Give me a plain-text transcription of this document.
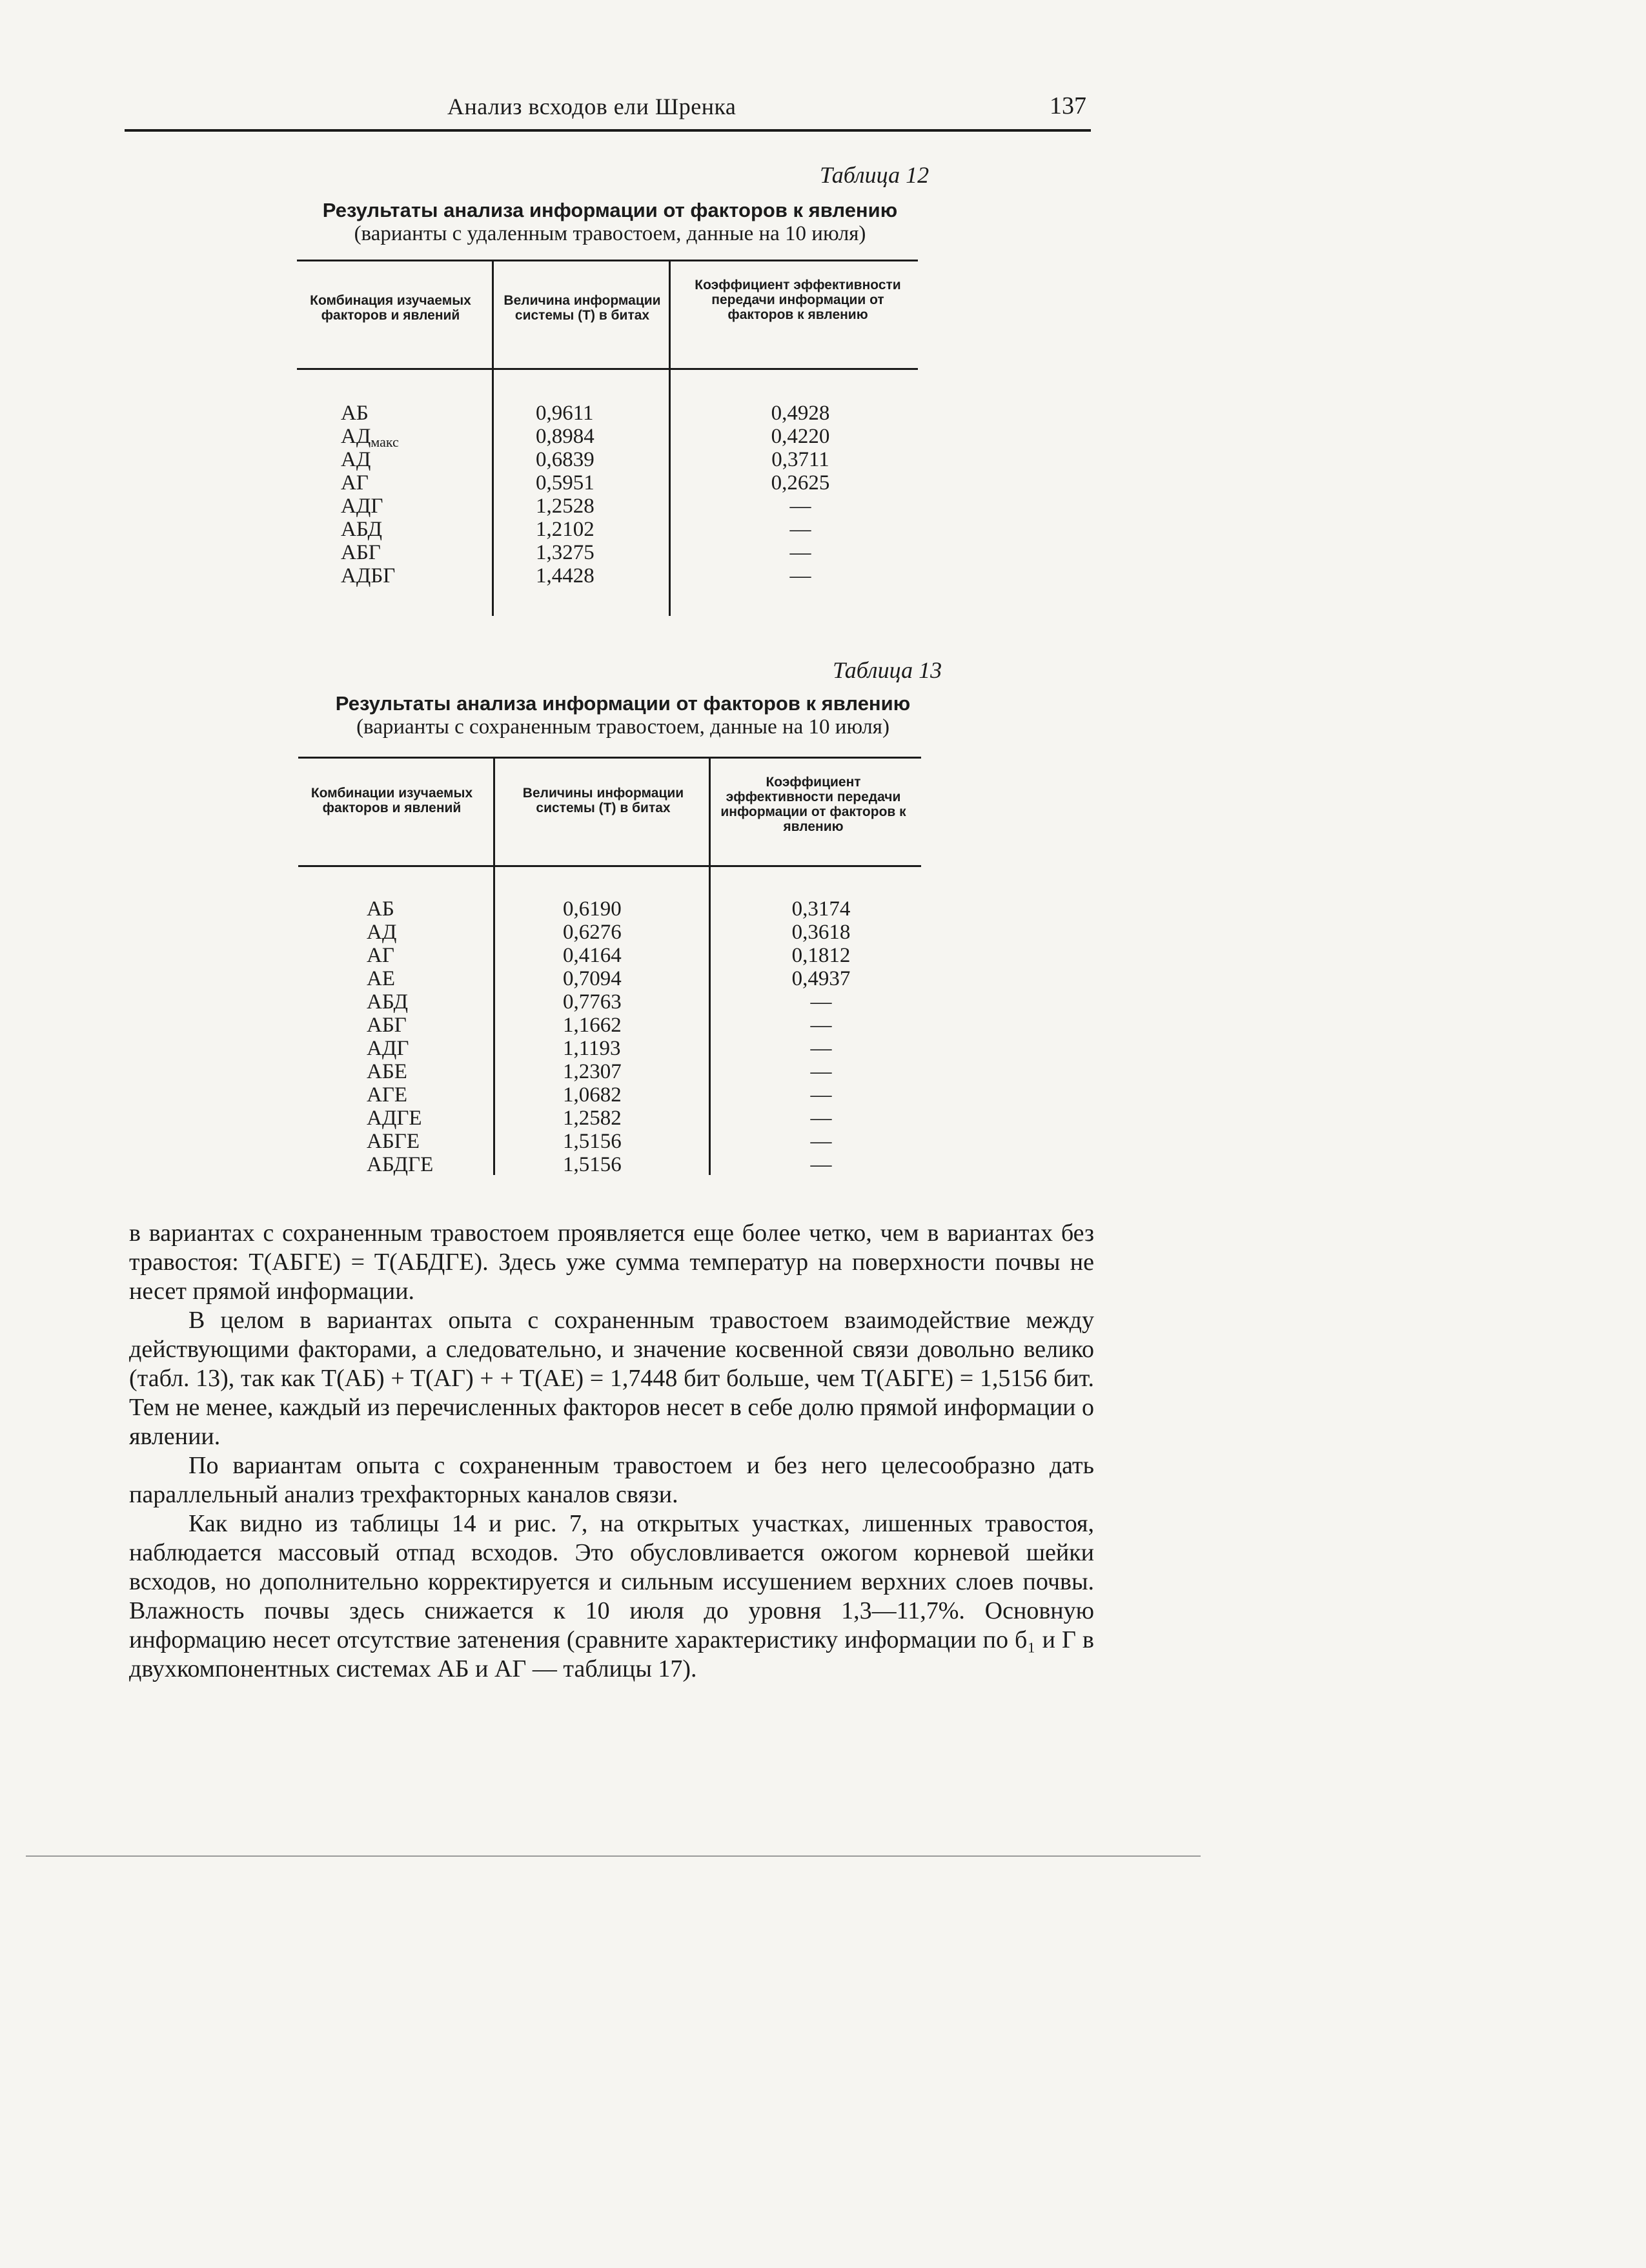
Анализ всходов ели Шренка	137
Таблица 12
Результаты анализа информации от факторов к явлению
(варианты с удаленным травостоем, данные на 10 июля)
Комбинация изучаемых факторов и явлений
Величина информации системы (T) в битах
Коэффициент эффективности передачи информации от факторов к явлению
АБ
$АД_{макс}$
АД
АГ
АДГ
АБД
АБГ
АДБГ
0,9611
0,8984
0,6839
0,5951
1,2528
1,2102
1,3275
1,4428
0,4928
0,4220
0,3711
0,2625
—
—
—
—
Таблица 13
Результаты анализа информации от факторов к явлению
(варианты с сохраненным травостоем, данные на 10 июля)
Комбинации изучаемых факторов и явлений
Величины информации системы (T) в битах
Коэффициент эффективности передачи информации от факторов к явлению
АБ
АД
АГ
АЕ
АБД
АБГ
АДГ
АБЕ
АГЕ
АДГЕ
АБГЕ
АБДГЕ
0,6190
0,6276
0,4164
0,7094
0,7763
1,1662
1,1193
1,2307
1,0682
1,2582
1,5156
1,5156
0,3174
0,3618
0,1812
0,4937
—
—
—
—
—
—
—
—

в вариантах с сохраненным травостоем проявляется еще более четко, чем в вариантах без травостоя: T(АБГЕ) = T(АБДГЕ). Здесь уже сумма температур на поверхности почвы не несет прямой информации.

В целом в вариантах опыта с сохраненным травостоем взаимодействие между действующими факторами, а следовательно, и значение косвенной связи довольно велико (табл. 13), так как T(АБ) + T(АГ) + + T(АЕ) = 1,7448 бит больше, чем T(АБГЕ) = 1,5156 бит. Тем не менее, каждый из перечисленных факторов несет в себе долю прямой информации о явлении.

По вариантам опыта с сохраненным травостоем и без него целесообразно дать параллельный анализ трехфакторных каналов связи.

Как видно из таблицы 14 и рис. 7, на открытых участках, лишенных травостоя, наблюдается массовый отпад всходов. Это обусловливается ожогом корневой шейки всходов, но дополнительно корректируется и сильным иссушением верхних слоев почвы. Влажность почвы здесь снижается к 10 июля до уровня 1,3—11,7%. Основную информацию несет отсутствие затенения (сравните характеристику информации по б₁ и Г в двухкомпонентных системах АБ и АГ — таблицы 17).
